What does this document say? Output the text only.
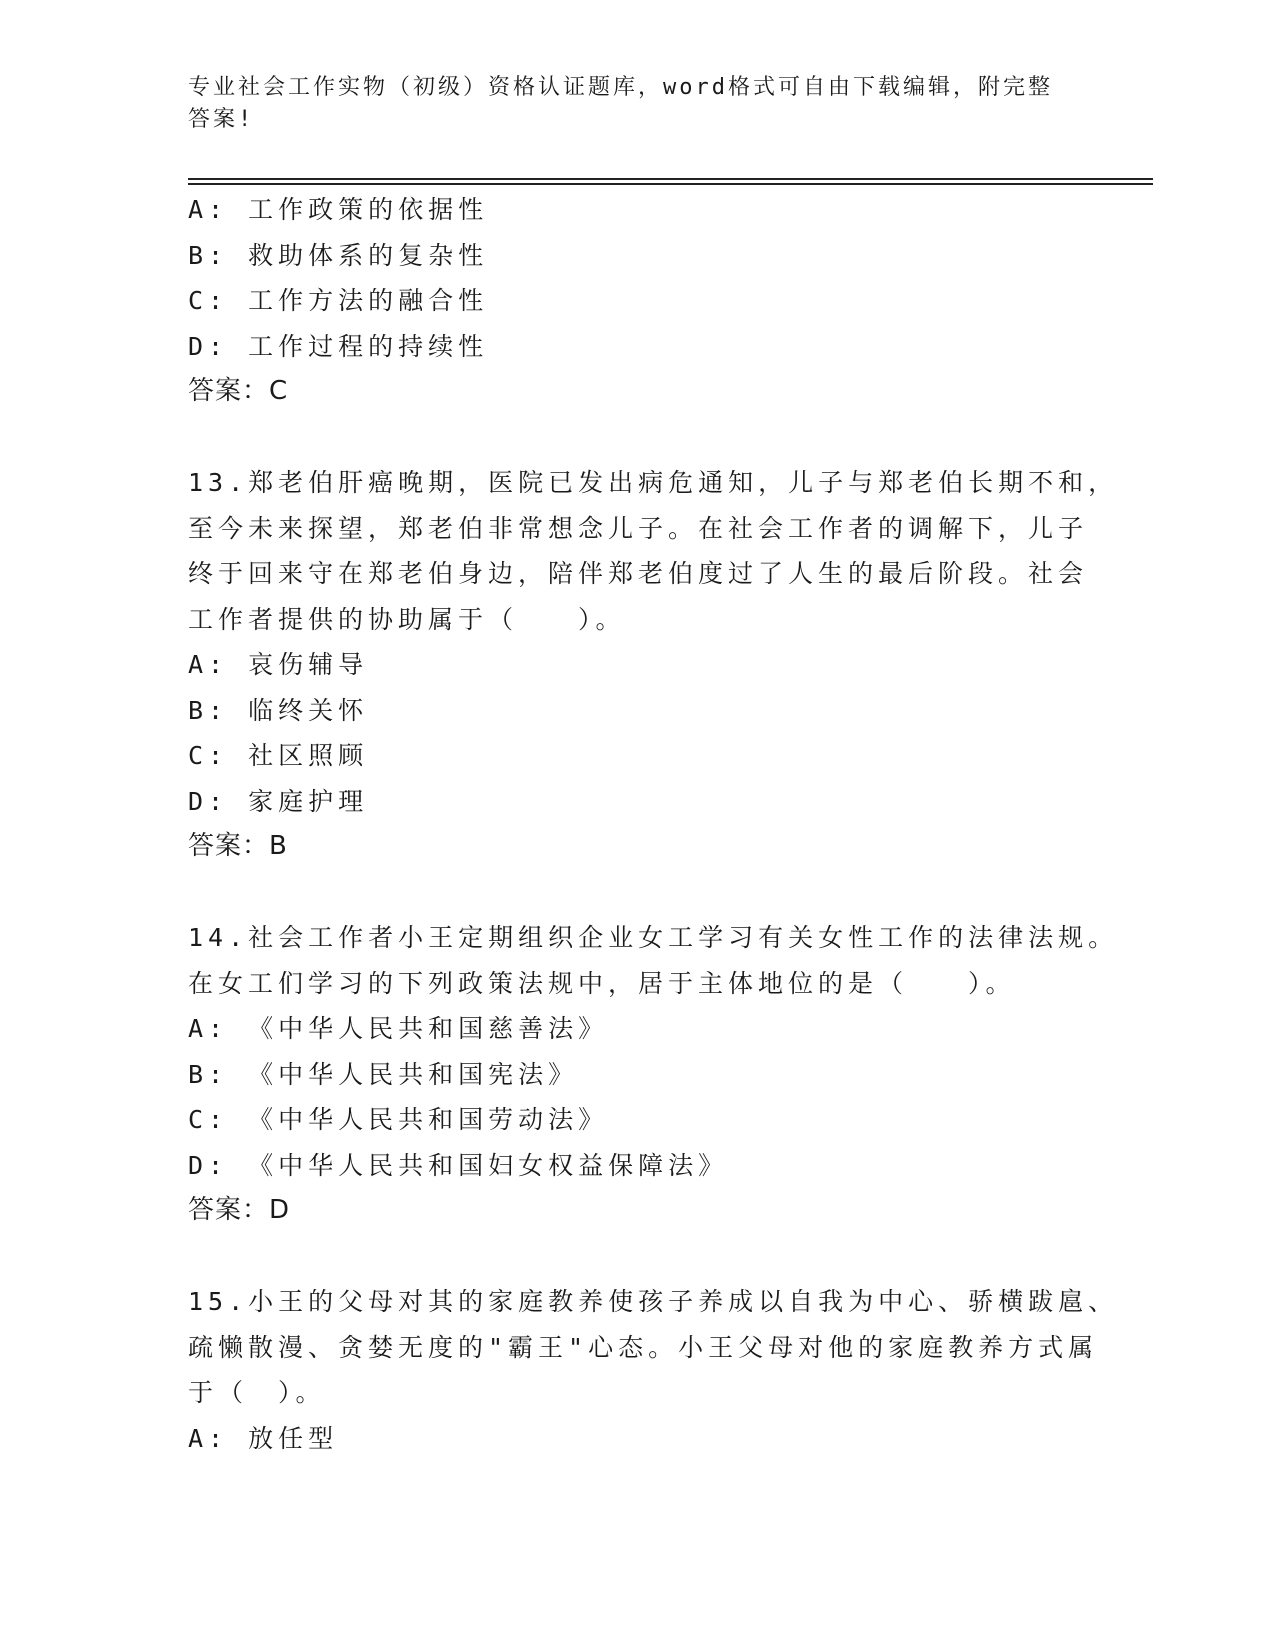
专业社会工作实物（初级）资格认证题库，word格式可自由下载编辑，附完整答案!
A: 工作政策的依据性
B: 救助体系的复杂性
C: 工作方法的融合性
D: 工作过程的持续性
答案：C
13.郑老伯肝癌晚期，医院已发出病危通知，儿子与郑老伯长期不和，
至今未来探望，郑老伯非常想念儿子。在社会工作者的调解下，儿子
终于回来守在郑老伯身边，陪伴郑老伯度过了人生的最后阶段。社会
工作者提供的协助属于（　　）。
A: 哀伤辅导
B: 临终关怀
C: 社区照顾
D: 家庭护理
答案：B
14.社会工作者小王定期组织企业女工学习有关女性工作的法律法规。
在女工们学习的下列政策法规中，居于主体地位的是（　　）。
A: 《中华人民共和国慈善法》
B: 《中华人民共和国宪法》
C: 《中华人民共和国劳动法》
D: 《中华人民共和国妇女权益保障法》
答案：D
15.小王的父母对其的家庭教养使孩子养成以自我为中心、骄横跋扈、
疏懒散漫、贪婪无度的"霸王"心态。小王父母对他的家庭教养方式属
于（　）。
A: 放任型
